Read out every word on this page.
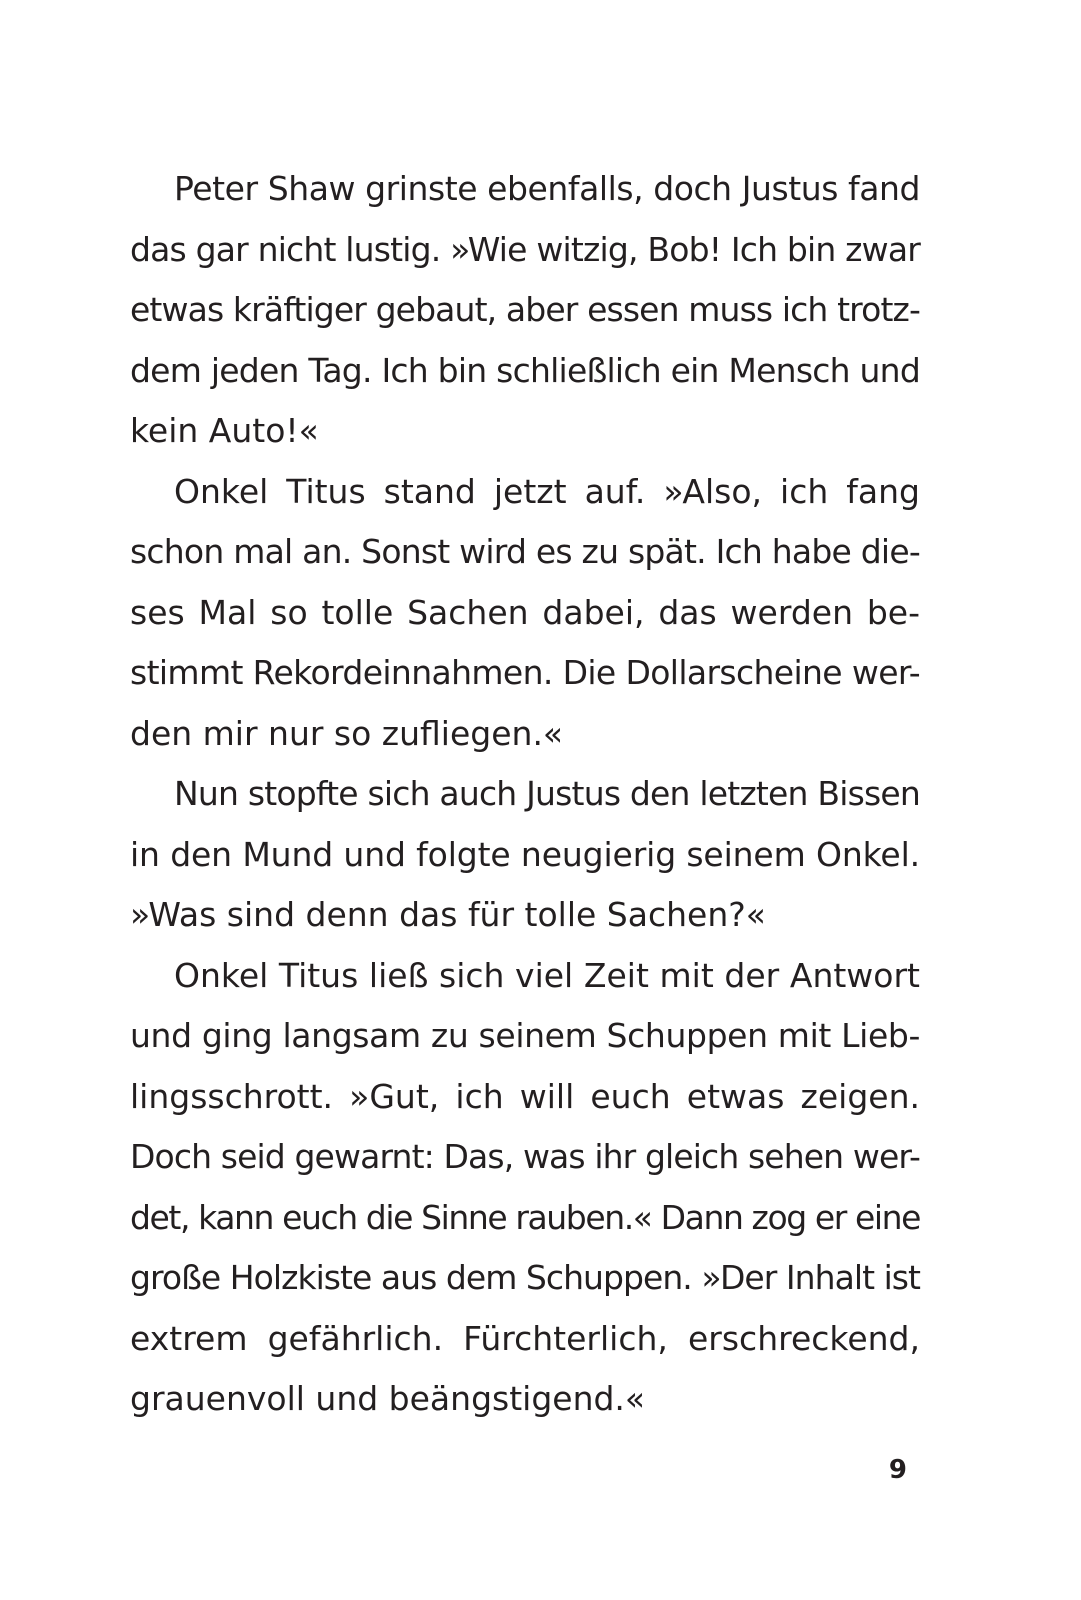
Peter Shaw grinste ebenfalls, doch Justus fand
das gar nicht lustig. »Wie witzig, Bob! Ich bin zwar
etwas kräftiger gebaut, aber essen muss ich trotz-
dem jeden Tag. Ich bin schließlich ein Mensch und
kein Auto!«
Onkel Titus stand jetzt auf. »Also, ich fang
schon mal an. Sonst wird es zu spät. Ich habe die-
ses Mal so tolle Sachen dabei, das werden be-
stimmt Rekordeinnahmen. Die Dollarscheine wer-
den mir nur so zufliegen.«
Nun stopfte sich auch Justus den letzten Bissen
in den Mund und folgte neugierig seinem Onkel.
»Was sind denn das für tolle Sachen?«
Onkel Titus ließ sich viel Zeit mit der Antwort
und ging langsam zu seinem Schuppen mit Lieb-
lingsschrott. »Gut, ich will euch etwas zeigen.
Doch seid gewarnt: Das, was ihr gleich sehen wer-
det, kann euch die Sinne rauben.« Dann zog er eine
große Holzkiste aus dem Schuppen. »Der Inhalt ist
extrem gefährlich. Fürchterlich, erschreckend,
grauenvoll und beängstigend.«
9
